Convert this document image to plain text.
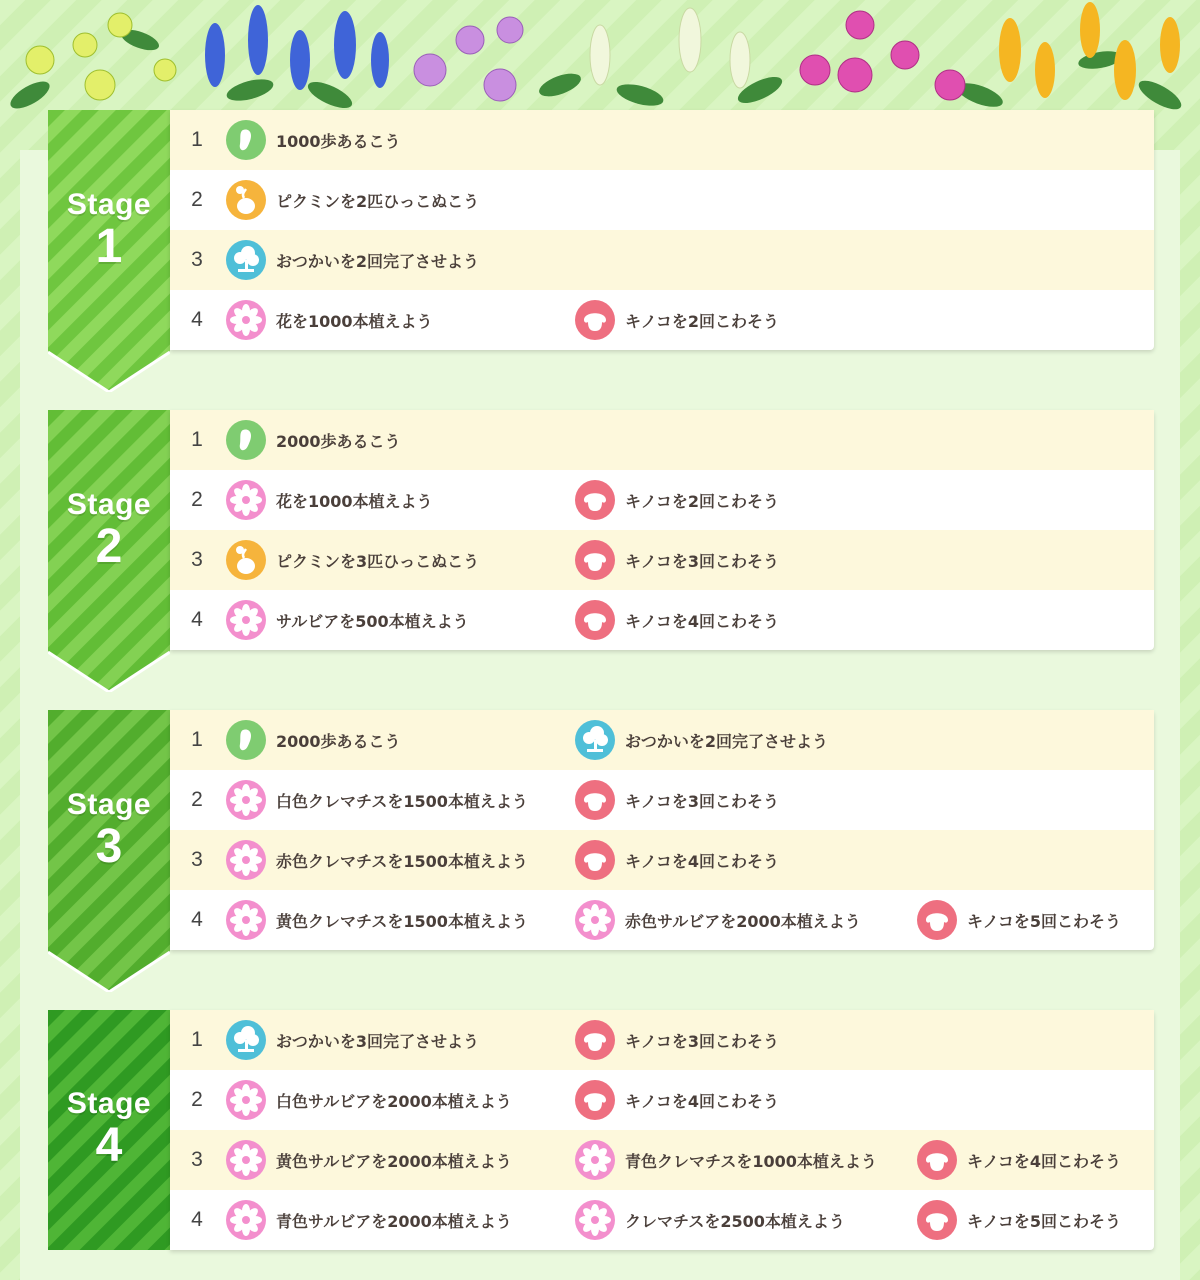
Stage
1
1	1000歩あるこう
2	ピクミンを2匹ひっこぬこう
3	おつかいを2回完了させよう
4	花を1000本植えよう	キノコを2回こわそう
Stage
2
1	2000歩あるこう
2	花を1000本植えよう	キノコを2回こわそう
3	ピクミンを3匹ひっこぬこう	キノコを3回こわそう
4	サルビアを500本植えよう	キノコを4回こわそう
Stage
3
1	2000歩あるこう	おつかいを2回完了させよう
2	白色クレマチスを1500本植えよう	キノコを3回こわそう
3	赤色クレマチスを1500本植えよう	キノコを4回こわそう
4	黄色クレマチスを1500本植えよう	赤色サルビアを2000本植えよう	キノコを5回こわそう
Stage
4
1	おつかいを3回完了させよう	キノコを3回こわそう
2	白色サルビアを2000本植えよう	キノコを4回こわそう
3	黄色サルビアを2000本植えよう	青色クレマチスを1000本植えよう	キノコを4回こわそう
4	青色サルビアを2000本植えよう	クレマチスを2500本植えよう	キノコを5回こわそう
